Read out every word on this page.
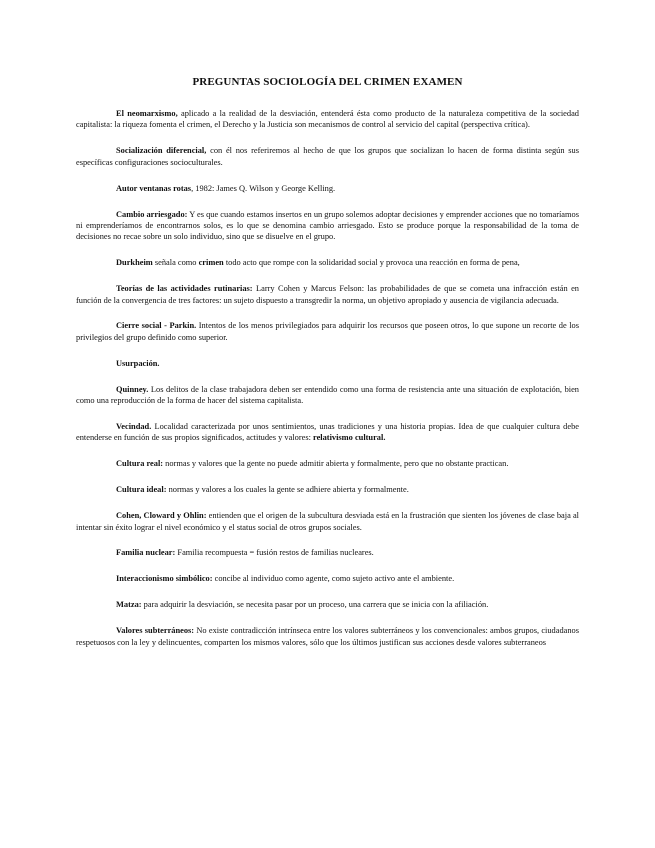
PREGUNTAS SOCIOLOGÍA DEL CRIMEN EXAMEN

El neomarxismo, aplicado a la realidad de la desviación, entenderá ésta como producto de la naturaleza competitiva de la sociedad capitalista: la riqueza fomenta el crimen, el Derecho y la Justicia son mecanismos de control al servicio del capital (perspectiva crítica).

Socialización diferencial, con él nos referiremos al hecho de que los grupos que socializan lo hacen de forma distinta según sus específicas configuraciones socioculturales.

Autor ventanas rotas, 1982: James Q. Wilson y George Kelling.

Cambio arriesgado: Y es que cuando estamos insertos en un grupo solemos adoptar decisiones y emprender acciones que no tomaríamos ni emprenderíamos de encontrarnos solos, es lo que se denomina cambio arriesgado. Esto se produce porque la responsabilidad de la toma de decisiones no recae sobre un solo individuo, sino que se disuelve en el grupo.

Durkheim señala como crimen todo acto que rompe con la solidaridad social y provoca una reacción en forma de pena,

Teorías de las actividades rutinarias: Larry Cohen y Marcus Felson: las probabilidades de que se cometa una infracción están en función de la convergencia de tres factores: un sujeto dispuesto a transgredir la norma, un objetivo apropiado y ausencia de vigilancia adecuada.

Cierre social - Parkin. Intentos de los menos privilegiados para adquirir los recursos que poseen otros, lo que supone un recorte de los privilegios del grupo definido como superior.

Usurpación.

Quinney. Los delitos de la clase trabajadora deben ser entendido como una forma de resistencia ante una situación de explotación, bien como una reproducción de la forma de hacer del sistema capitalista.

Vecindad. Localidad caracterizada por unos sentimientos, unas tradiciones y una historia propias. Idea de que cualquier cultura debe entenderse en función de sus propios significados, actitudes y valores: relativismo cultural.

Cultura real: normas y valores que la gente no puede admitir abierta y formalmente, pero que no obstante practican.

Cultura ideal: normas y valores a los cuales la gente se adhiere abierta y formalmente.

Cohen, Cloward y Ohlin: entienden que el origen de la subcultura desviada está en la frustración que sienten los jóvenes de clase baja al intentar sin éxito lograr el nivel económico y el status social de otros grupos sociales.

Familia nuclear: Familia recompuesta = fusión restos de familias nucleares.

Interaccionismo simbólico: concibe al individuo como agente, como sujeto activo ante el ambiente.

Matza: para adquirir la desviación, se necesita pasar por un proceso, una carrera que se inicia con la afiliación.

Valores subterráneos: No existe contradicción intrínseca entre los valores subterráneos y los convencionales: ambos grupos, ciudadanos respetuosos con la ley y delincuentes, comparten los mismos valores, sólo que los últimos justifican sus acciones desde valores subterraneos
